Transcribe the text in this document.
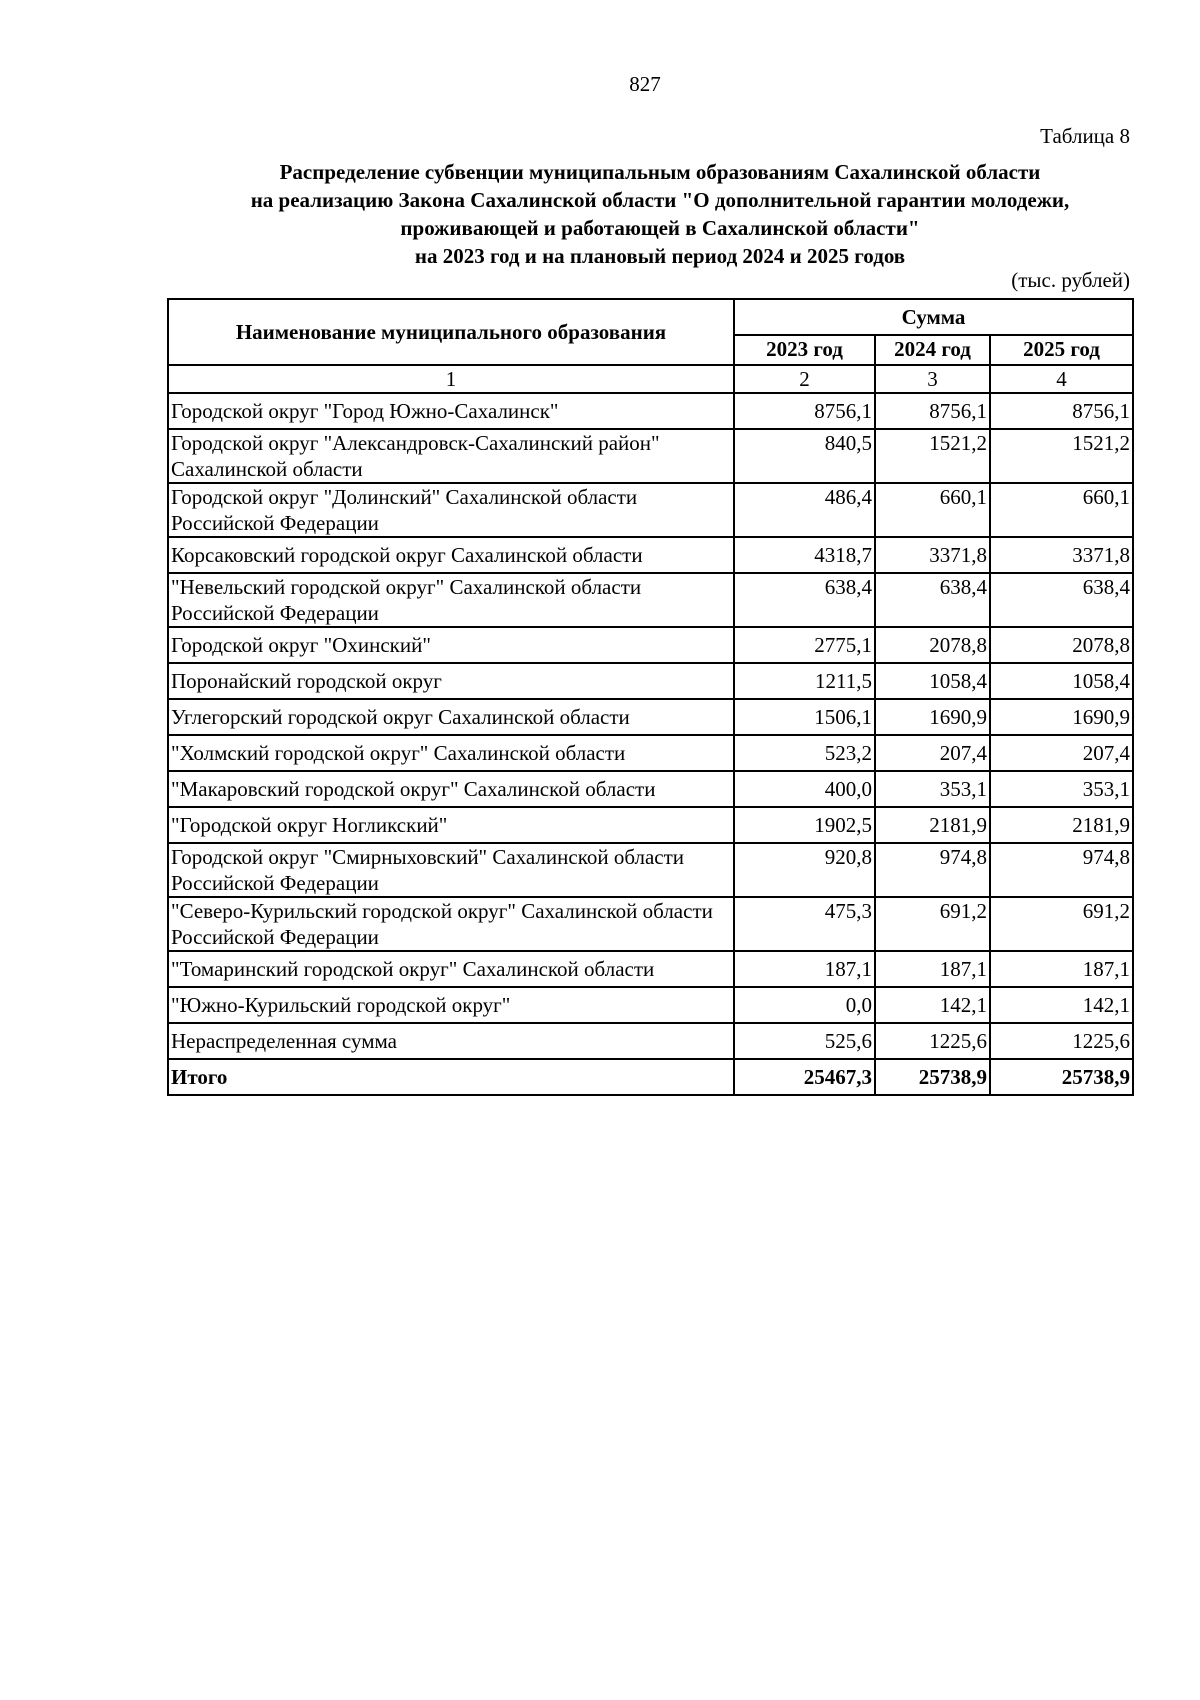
827
Таблица 8
Распределение субвенции муниципальным образованиям Сахалинской области
на реализацию Закона Сахалинской области "О дополнительной гарантии молодежи,
проживающей и работающей в Сахалинской области"
на 2023 год и на плановый период 2024 и 2025 годов
(тыс. рублей)
Наименование муниципального образования	Сумма		
	2023 год	2024 год	2025 год
1	2	3	4
Городской округ "Город Южно-Сахалинск"	8756,1	8756,1	8756,1
Городской округ "Александровск-Сахалинский район" Сахалинской области	840,5	1521,2	1521,2
Городской округ "Долинский" Сахалинской области Российской Федерации	486,4	660,1	660,1
Корсаковский городской округ Сахалинской области	4318,7	3371,8	3371,8
"Невельский городской округ" Сахалинской области Российской Федерации	638,4	638,4	638,4
Городской округ "Охинский"	2775,1	2078,8	2078,8
Поронайский городской округ	1211,5	1058,4	1058,4
Углегорский городской округ Сахалинской области	1506,1	1690,9	1690,9
"Холмский городской округ" Сахалинской области	523,2	207,4	207,4
"Макаровский городской округ" Сахалинской области	400,0	353,1	353,1
"Городской округ Ногликский"	1902,5	2181,9	2181,9
Городской округ "Смирныховский" Сахалинской области Российской Федерации	920,8	974,8	974,8
"Северо-Курильский городской округ" Сахалинской области Российской Федерации	475,3	691,2	691,2
"Томаринский городской округ" Сахалинской области	187,1	187,1	187,1
"Южно-Курильский городской округ"	0,0	142,1	142,1
Нераспределенная сумма	525,6	1225,6	1225,6
Итого	25467,3	25738,9	25738,9
